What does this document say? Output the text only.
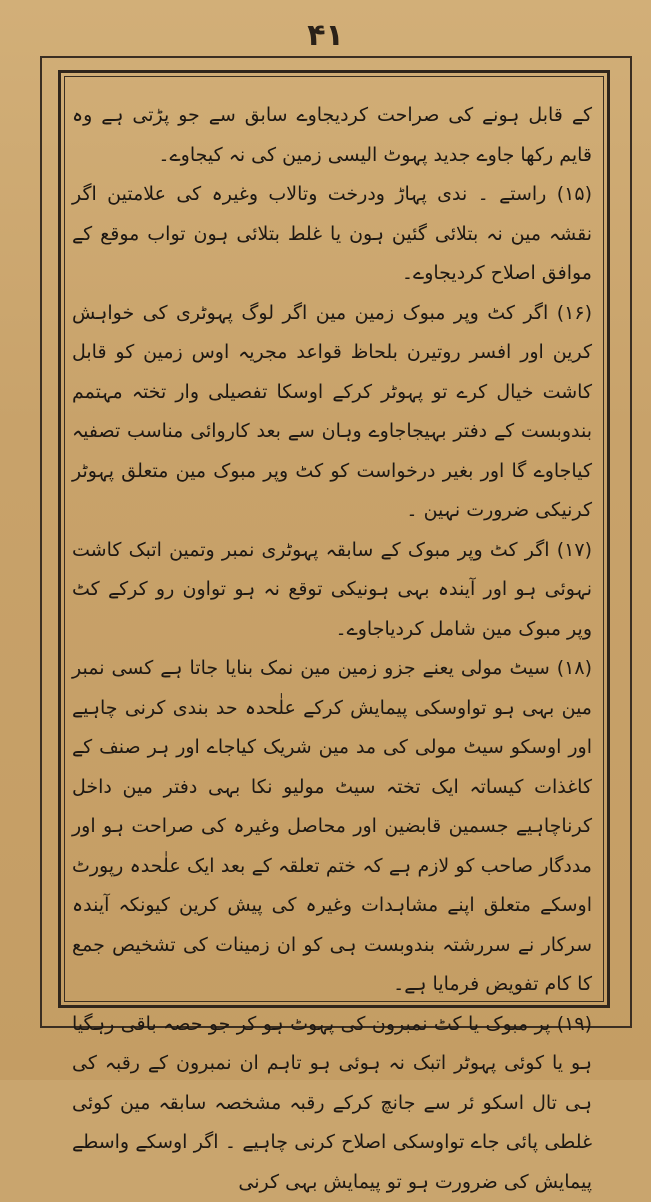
۴۱

کے قابل ہونے کی صراحت کردیجاوے سابق سے جو پڑتی ہے وہ قایم رکھا جاوے جدید پہوٹ الیسی زمین کی نہ کیجاوے۔

(۱۵) راستے ۔ ندی پہاڑ ودرخت وتالاب وغیرہ کی علامتین اگر نقشہ مین نہ بتلائی گئین ہون یا غلط بتلائی ہون تواب موقع کے موافق اصلاح کردیجاوے۔

(۱۶) اگر کٹ وپر مبوک زمین مین اگر لوگ پہوٹری کی خواہش کرین اور افسر روتیرن بلحاظ قواعد مجریہ اوس زمین کو قابل کاشت خیال کرے تو پہوٹر کرکے اوسکا تفصیلی وار تختہ مہتمم بندوبست کے دفتر بہیجاجاوے وہان سے بعد کاروائی مناسب تصفیہ کیاجاوے گا اور بغیر درخواست کو کٹ وپر مبوک مین متعلق پہوٹر کرنیکی ضرورت نہین ۔

(۱۷) اگر کٹ وپر مبوک کے سابقہ پہوٹری نمبر وتمین اتبک کاشت نہوئی ہو اور آیندہ بہی ہونیکی توقع نہ ہو تواون رو کرکے کٹ وپر مبوک مین شامل کردیاجاوے۔

(۱۸) سیٹ مولی یعنے جزو زمین مین نمک بنایا جاتا ہے کسی نمبر مین بہی ہو تواوسکی پیمایش کرکے علٰحدہ حد بندی کرنی چاہیے اور اوسکو سیٹ مولی کی مد مین شریک کیاجاے اور ہر صنف کے کاغذات کیساتہ ایک تختہ سیٹ مولیو نکا بہی دفتر مین داخل کرناچاہیے جسمین قابضین اور محاصل وغیرہ کی صراحت ہو اور مددگار صاحب کو لازم ہے کہ ختم تعلقہ کے بعد ایک علٰحدہ رپورٹ اوسکے متعلق اپنے مشاہدات وغیرہ کی پیش کرین کیونکہ آیندہ سرکار نے سررشتہ بندوبست ہی کو ان زمینات کی تشخیص جمع کا کام تفویض فرمایا ہے۔

(۱۹) پر مبوک یا کٹ نمبرون کی پہوٹ ہو کر جو حصہ باقی رہگیا ہو یا کوئی پہوٹر اتبک نہ ہوئی ہو تاہم ان نمبرون کے رقبہ کی ہی تال اسکو ئر سے جانچ کرکے رقبہ مشخصہ سابقہ مین کوئی غلطی پائی جاے تواوسکی اصلاح کرنی چاہیے ۔ اگر اوسکے واسطے پیمایش کی ضرورت ہو تو پیمایش بہی کرنی
